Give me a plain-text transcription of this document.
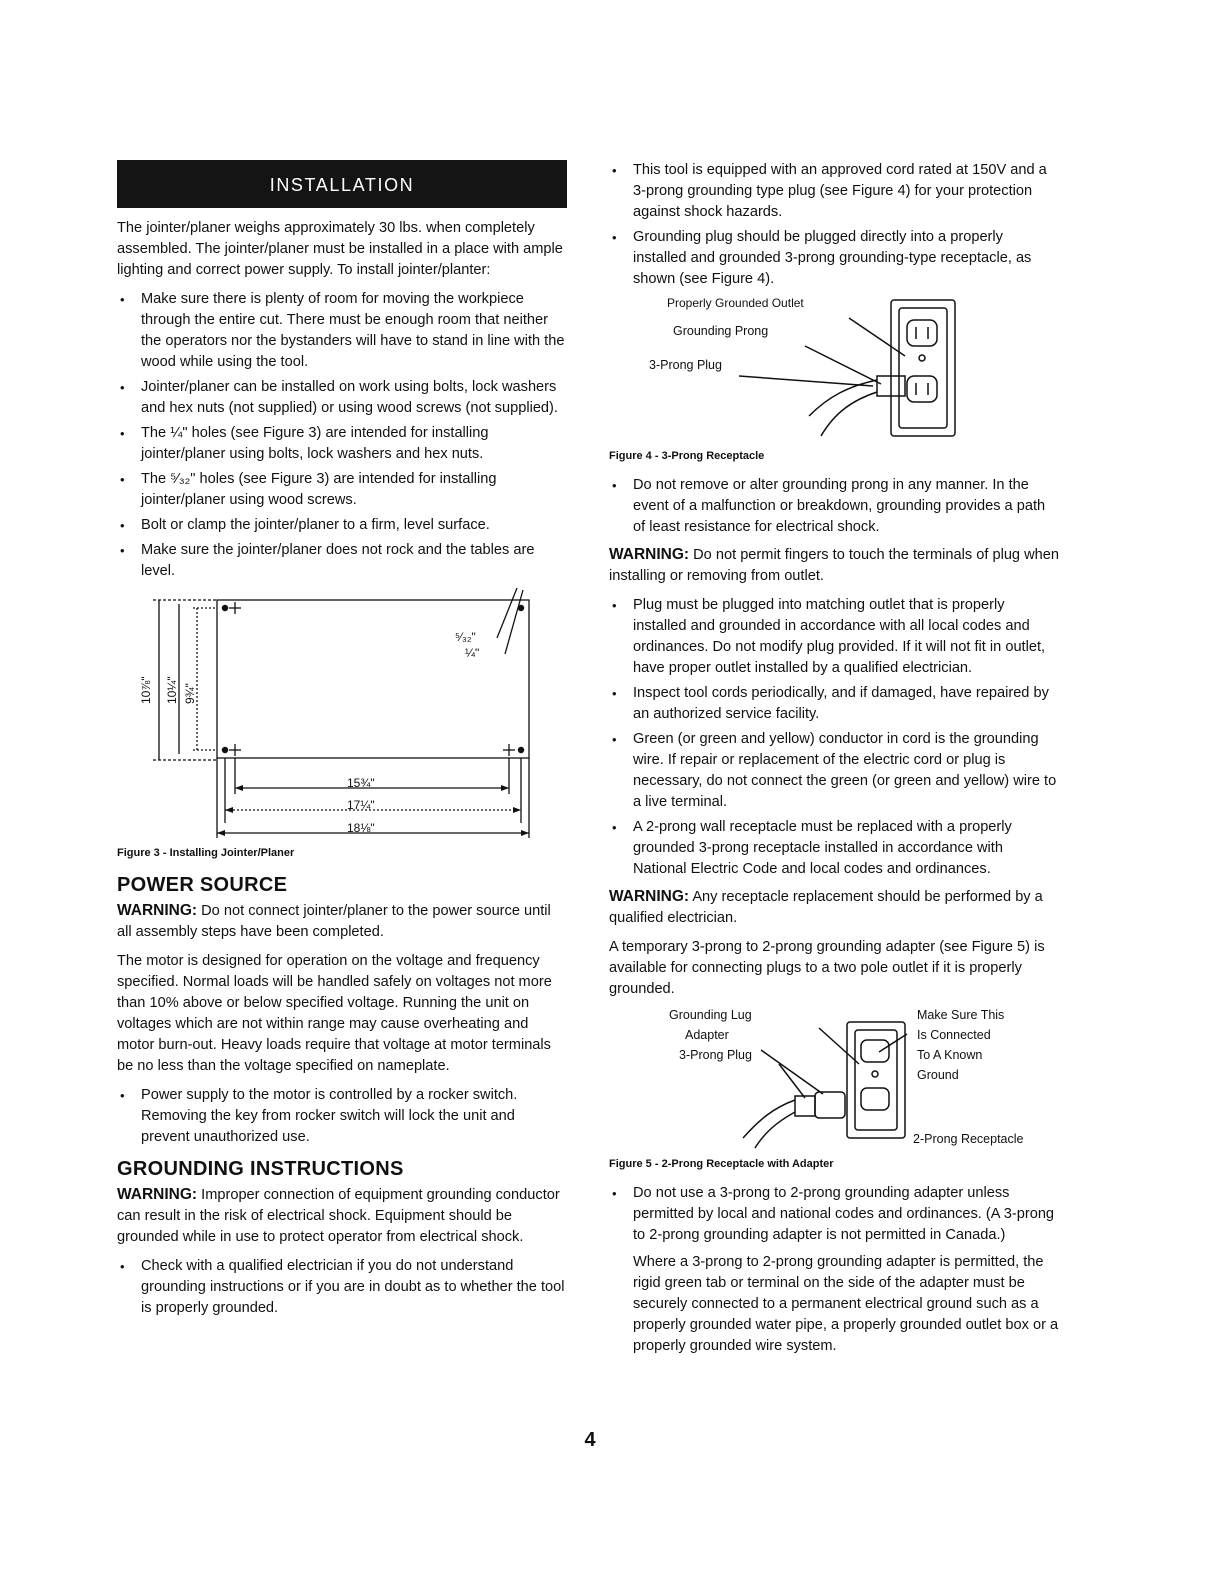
INSTALLATION

The jointer/planer weighs approximately 30 lbs. when completely assembled. The jointer/planer must be installed in a place with ample lighting and correct power supply. To install jointer/planter:

• Make sure there is plenty of room for moving the workpiece through the entire cut. There must be enough room that neither the operators nor the bystanders will have to stand in line with the wood while using the tool.
• Jointer/planer can be installed on work using bolts, lock washers and hex nuts (not supplied) or using wood screws (not supplied).
• The ¼" holes (see Figure 3) are intended for installing jointer/planer using bolts, lock washers and hex nuts.
• The ⁵⁄₃₂" holes (see Figure 3) are intended for installing jointer/planer using wood screws.
• Bolt or clamp the jointer/planer to a firm, level surface.
• Make sure the jointer/planer does not rock and the tables are level.
⁵⁄₃₂"
¼"
15¾"
17¼"
18⅛"
10⅞" 10¼" 9¾"

Figure 3 - Installing Jointer/Planer

POWER SOURCE

WARNING: Do not connect jointer/planer to the power source until all assembly steps have been completed.

The motor is designed for operation on the voltage and frequency specified. Normal loads will be handled safely on voltages not more than 10% above or below specified voltage. Running the unit on voltages which are not within range may cause overheating and motor burn-out. Heavy loads require that voltage at motor terminals be no less than the voltage specified on nameplate.

• Power supply to the motor is controlled by a rocker switch. Removing the key from rocker switch will lock the unit and prevent unauthorized use.
GROUNDING INSTRUCTIONS

WARNING: Improper connection of equipment grounding conductor can result in the risk of electrical shock. Equipment should be grounded while in use to protect operator from electrical shock.

• Check with a qualified electrician if you do not understand grounding instructions or if you are in doubt as to whether the tool is properly grounded.
• This tool is equipped with an approved cord rated at 150V and a 3-prong grounding type plug (see Figure 4) for your protection against shock hazards.
• Grounding plug should be plugged directly into a properly installed and grounded 3-prong grounding-type receptacle, as shown (see Figure 4).
Properly Grounded Outlet
Grounding Prong
3-Prong Plug

Figure 4 - 3-Prong Receptacle

• Do not remove or alter grounding prong in any manner. In the event of a malfunction or breakdown, grounding provides a path of least resistance for electrical shock.

WARNING: Do not permit fingers to touch the terminals of plug when installing or removing from outlet.

• Plug must be plugged into matching outlet that is properly installed and grounded in accordance with all local codes and ordinances. Do not modify plug provided. If it will not fit in outlet, have proper outlet installed by a qualified electrician.
• Inspect tool cords periodically, and if damaged, have repaired by an authorized service facility.
• Green (or green and yellow) conductor in cord is the grounding wire. If repair or replacement of the electric cord or plug is necessary, do not connect the green (or green and yellow) wire to a live terminal.
• A 2-prong wall receptacle must be replaced with a properly grounded 3-prong receptacle installed in accordance with National Electric Code and local codes and ordinances.

WARNING: Any receptacle replacement should be performed by a qualified electrician.

A temporary 3-prong to 2-prong grounding adapter (see Figure 5) is available for connecting plugs to a two pole outlet if it is properly grounded.

Grounding Lug
Adapter
3-Prong Plug
Make Sure This
Is Connected
To A Known
Ground
2-Prong Receptacle

Figure 5 - 2-Prong Receptacle with Adapter

• Do not use a 3-prong to 2-prong grounding adapter unless permitted by local and national codes and ordinances. (A 3-prong to 2-prong grounding adapter is not permitted in Canada.)

Where a 3-prong to 2-prong grounding adapter is permitted, the rigid green tab or terminal on the side of the adapter must be securely connected to a permanent electrical ground such as a properly grounded water pipe, a properly grounded outlet box or a properly grounded wire system.

4
